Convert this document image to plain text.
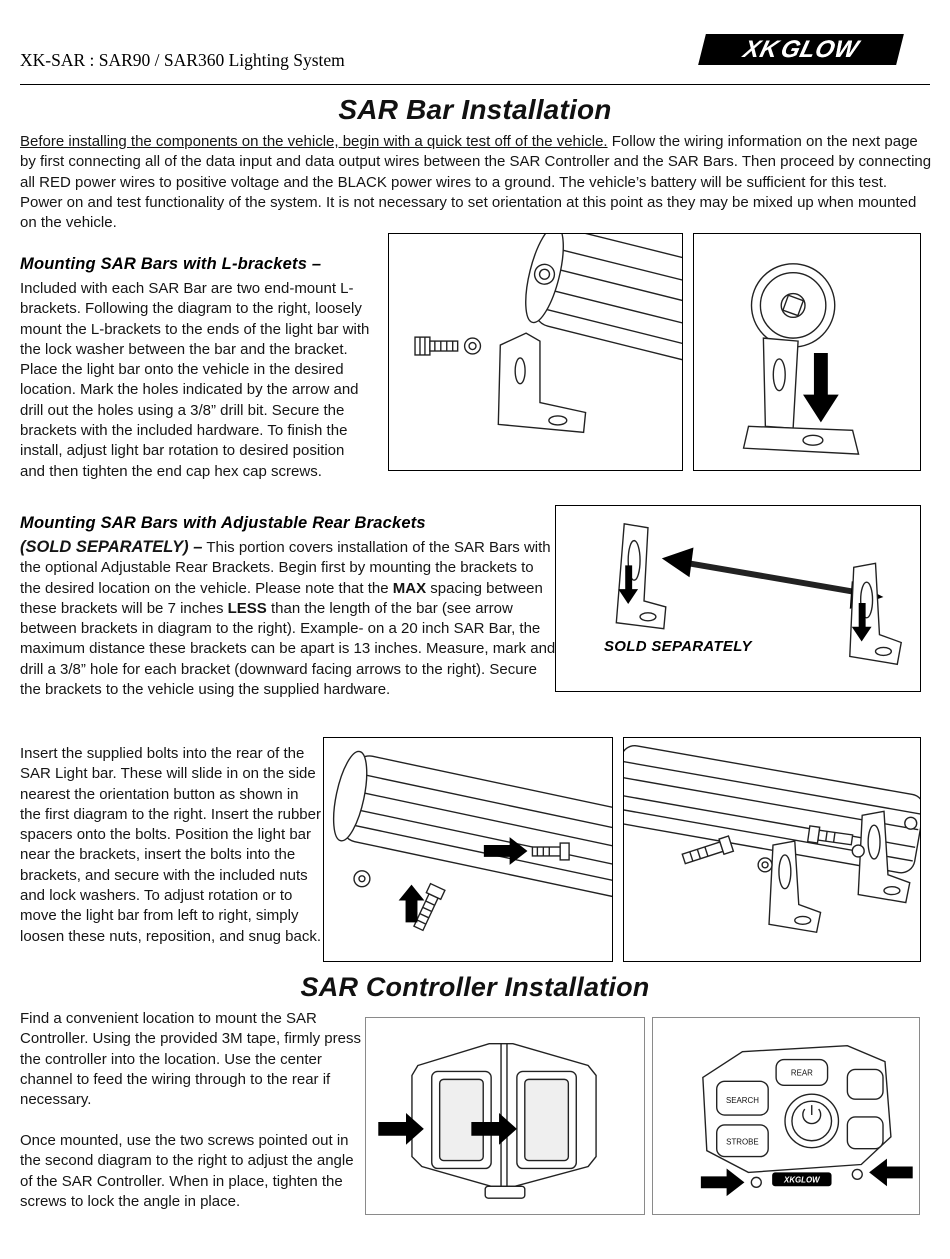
XK-SAR : SAR90 / SAR360 Lighting System	XK
GLOW
SAR Bar Installation

Before installing the components on the vehicle, begin with a quick test off of the vehicle. Follow the wiring information on the next page by first connecting all of the data input and data output wires between the SAR Controller and the SAR Bars. Then proceed by connecting all RED power wires to positive voltage and the BLACK power wires to a ground. The vehicle’s battery will be sufficient for this test. Power on and test functionality of the system. It is not necessary to set orientation at this point as they may be mixed up when mounted on the vehicle.

Mounting SAR Bars with L-brackets –

Included with each SAR Bar are two end-mount L-brackets. Following the diagram to the right, loosely mount the L-brackets to the ends of the light bar with the lock washer between the bar and the bracket. Place the light bar onto the vehicle in the desired location. Mark the holes indicated by the arrow and drill out the holes using a 3/8” drill bit. Secure the brackets with the included hardware. To finish the install, adjust light bar rotation to desired position and then tighten the end cap hex cap screws.

Mounting SAR Bars with Adjustable Rear Brackets

(SOLD SEPARATELY) – This portion covers installation of the SAR Bars with the optional Adjustable Rear Brackets. Begin first by mounting the brackets to the desired location on the vehicle. Please note that the MAX spacing between these brackets will be 7 inches LESS than the length of the bar (see arrow between brackets in diagram to the right). Example- on a 20 inch SAR Bar, the maximum distance these brackets can be apart is 13 inches. Measure, mark and drill a 3/8” hole for each bracket (downward facing arrows to the right). Secure the brackets to the vehicle using the supplied hardware.

SOLD SEPARATELY

Insert the supplied bolts into the rear of the SAR Light bar. These will slide in on the side nearest the orientation button as shown in the first diagram to the right. Insert the rubber spacers onto the bolts. Position the light bar near the brackets, insert the bolts into the brackets, and secure with the included nuts and lock washers. To adjust rotation or to move the light bar from left to right, simply loosen these nuts, reposition, and snug back.

SAR Controller Installation

Find a convenient location to mount the SAR Controller. Using the provided 3M tape, firmly press the controller into the location. Use the center channel to feed the wiring through to the rear if necessary.

Once mounted, use the two screws pointed out in the second diagram to the right to adjust the angle of the SAR Controller. When in place, tighten the screws to lock the angle in place.

SEARCH
REAR
STROBE
XKGLOW
